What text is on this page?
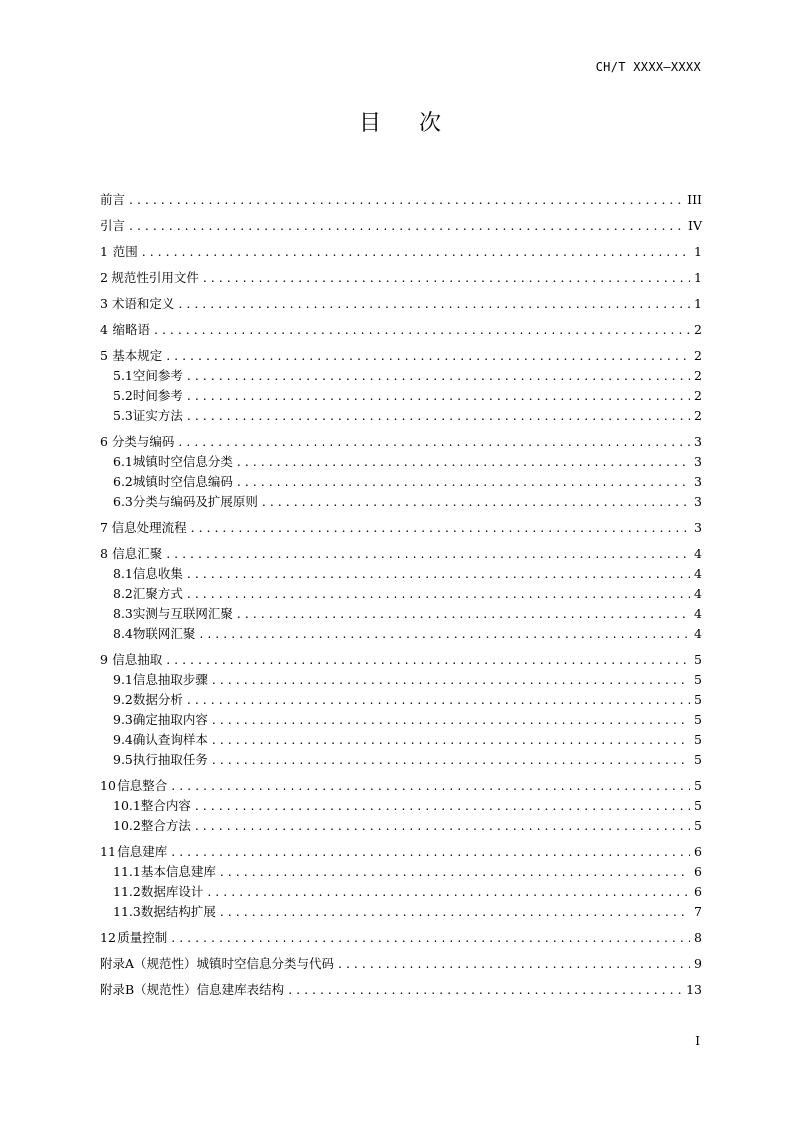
CH/T XXXX—XXXX
目次
前言 . . .	III
引言 . . .	IV
1 范围 . . .	1
2 规范性引用文件 . . .	1
3 术语和定义 . . .	1
4 缩略语 . . .	2
5 基本规定 . . .	2
5.1 空间参考 . . .	2
5.2 时间参考 . . .	2
5.3 证实方法 . . .	2
6 分类与编码 . . .	3
6.1 城镇时空信息分类 . . .	3
6.2 城镇时空信息编码 . . .	3
6.3 分类与编码及扩展原则 . . .	3
7 信息处理流程 . . .	3
8 信息汇聚 . . .	4
8.1 信息收集 . . .	4
8.2 汇聚方式 . . .	4
8.3 实测与互联网汇聚 . . .	4
8.4 物联网汇聚 . . .	4
9 信息抽取 . . .	5
9.1 信息抽取步骤 . . .	5
9.2 数据分析 . . .	5
9.3 确定抽取内容 . . .	5
9.4 确认查询样本 . . .	5
9.5 执行抽取任务 . . .	5
10 信息整合 . . .	5
10.1 整合内容 . . .	5
10.2 整合方法 . . .	5
11 信息建库 . . .	6
11.1 基本信息建库 . . .	6
11.2 数据库设计 . . .	6
11.3 数据结构扩展 . . .	7
12 质量控制 . . .	8
附录A（规范性）城镇时空信息分类与代码 . . .	9
附录B（规范性）信息建库表结构 . . .	13
I
